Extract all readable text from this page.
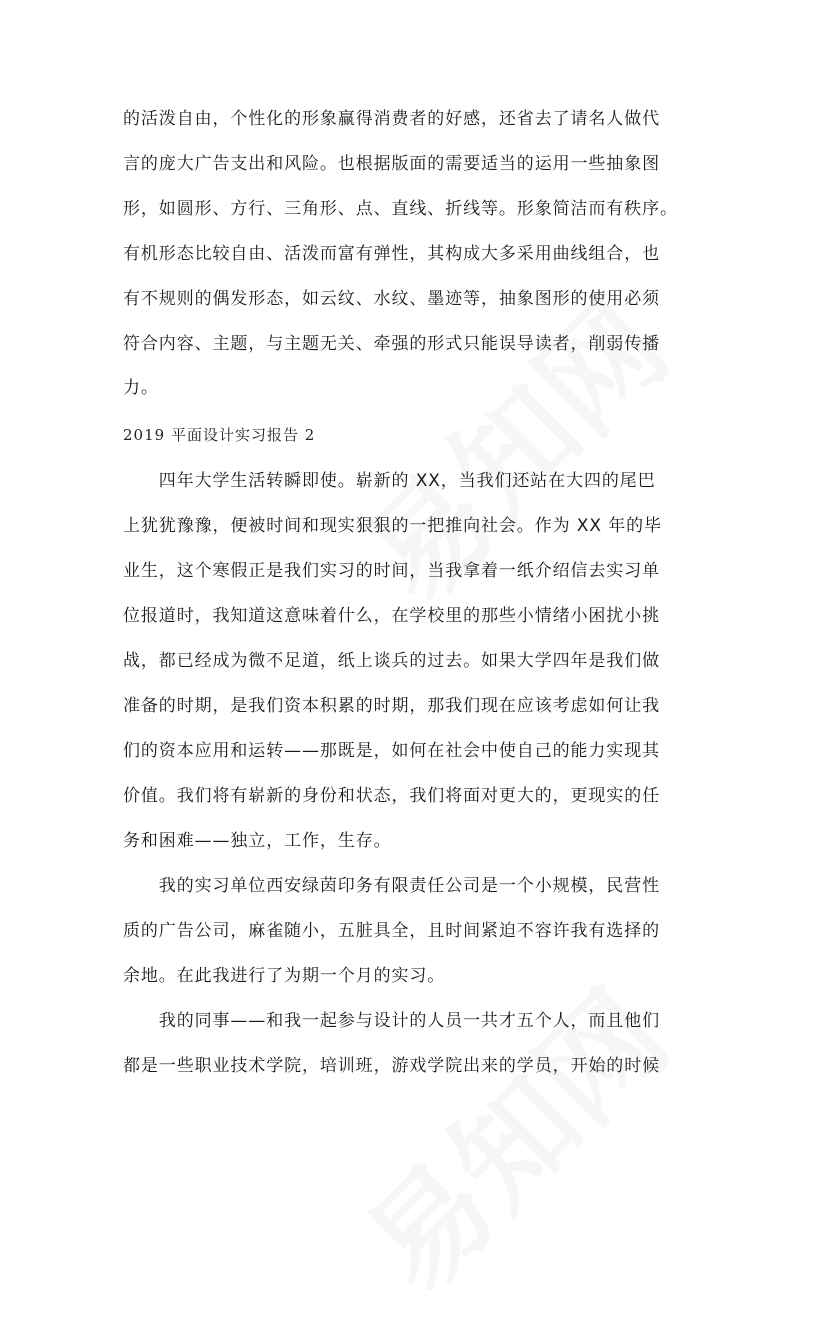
的活泼自由，个性化的形象赢得消费者的好感，还省去了请名人做代
言的庞大广告支出和风险。也根据版面的需要适当的运用一些抽象图
形，如圆形、方行、三角形、点、直线、折线等。形象简洁而有秩序。
有机形态比较自由、活泼而富有弹性，其构成大多采用曲线组合，也
有不规则的偶发形态，如云纹、水纹、墨迹等，抽象图形的使用必须
符合内容、主题，与主题无关、牵强的形式只能误导读者，削弱传播
力。
2019 平面设计实习报告 2
　　四年大学生活转瞬即使。崭新的 XX，当我们还站在大四的尾巴
上犹犹豫豫，便被时间和现实狠狠的一把推向社会。作为 XX 年的毕
业生，这个寒假正是我们实习的时间，当我拿着一纸介绍信去实习单
位报道时，我知道这意味着什么，在学校里的那些小情绪小困扰小挑
战，都已经成为微不足道，纸上谈兵的过去。如果大学四年是我们做
准备的时期，是我们资本积累的时期，那我们现在应该考虑如何让我
们的资本应用和运转——那既是，如何在社会中使自己的能力实现其
价值。我们将有崭新的身份和状态，我们将面对更大的，更现实的任
务和困难——独立，工作，生存。
　　我的实习单位西安绿茵印务有限责任公司是一个小规模，民营性
质的广告公司，麻雀随小，五脏具全，且时间紧迫不容许我有选择的
余地。在此我进行了为期一个月的实习。
　　我的同事——和我一起参与设计的人员一共才五个人，而且他们
都是一些职业技术学院，培训班，游戏学院出来的学员，开始的时候
